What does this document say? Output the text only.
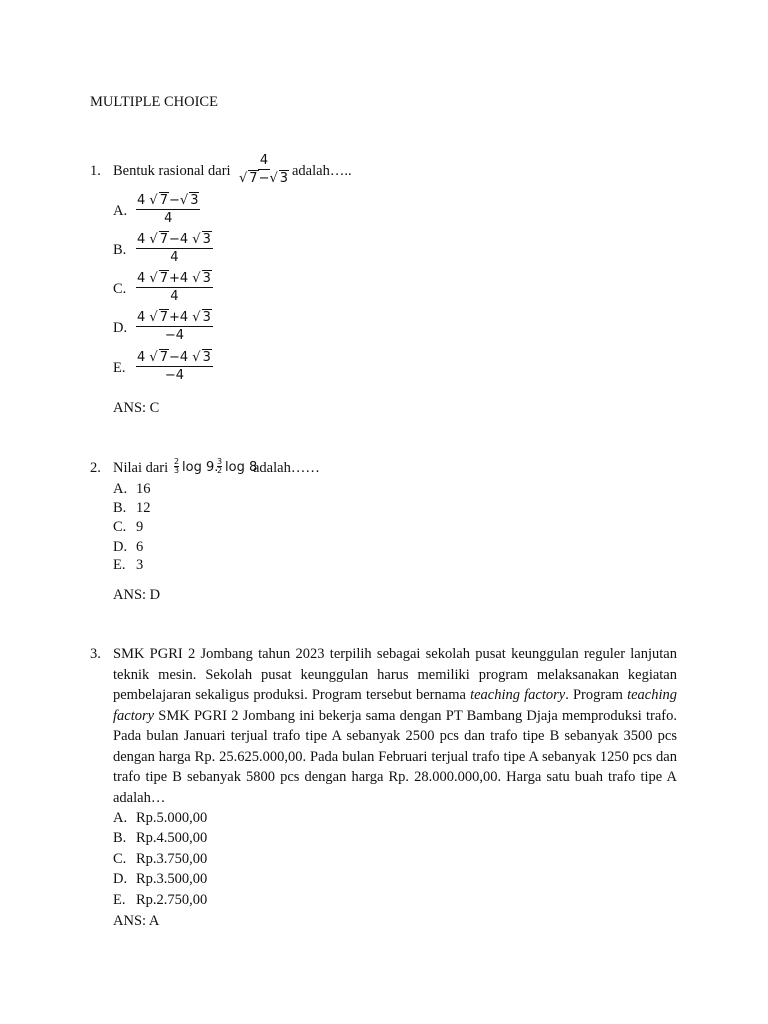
MULTIPLE CHOICE
1. Bentuk rasional dari $\frac{4}{√ 7-√ 3}$ adalah…..
A. $\frac{4 √ 7-√ 3}{4}$
B. $\frac{4 √ 7-4 √ 3}{4}$
C. $\frac{4 √ 7+4 √ 3}{4}$
D. $\frac{4 √ 7+4 √ 3}{-4}$
E. $\frac{4 √ 7-4 √ 3}{-4}$
ANS: C
2. Nilai dari 2
3 log 9.
3
2 log 8
adalah……
A. 16
B. 12
C. 9
D. 6
E. 3
ANS: D
3. SMK PGRI 2 Jombang tahun 2023 terpilih sebagai sekolah pusat keunggulan reguler lanjutan teknik mesin. Sekolah pusat keunggulan harus memiliki program melaksanakan kegiatan pembelajaran sekaligus produksi. Program tersebut bernama teaching factory. Program teaching factory SMK PGRI 2 Jombang ini bekerja sama dengan PT Bambang Djaja memproduksi trafo. Pada bulan Januari terjual trafo tipe A sebanyak 2500 pcs dan trafo tipe B sebanyak 3500 pcs dengan harga Rp. 25.625.000,00. Pada bulan Februari terjual trafo tipe A sebanyak 1250 pcs dan trafo tipe B sebanyak 5800 pcs dengan harga Rp. 28.000.000,00. Harga satu buah trafo tipe A adalah…
A. Rp.5.000,00
B. Rp.4.500,00
C. Rp.3.750,00
D. Rp.3.500,00
E. Rp.2.750,00
ANS: A
